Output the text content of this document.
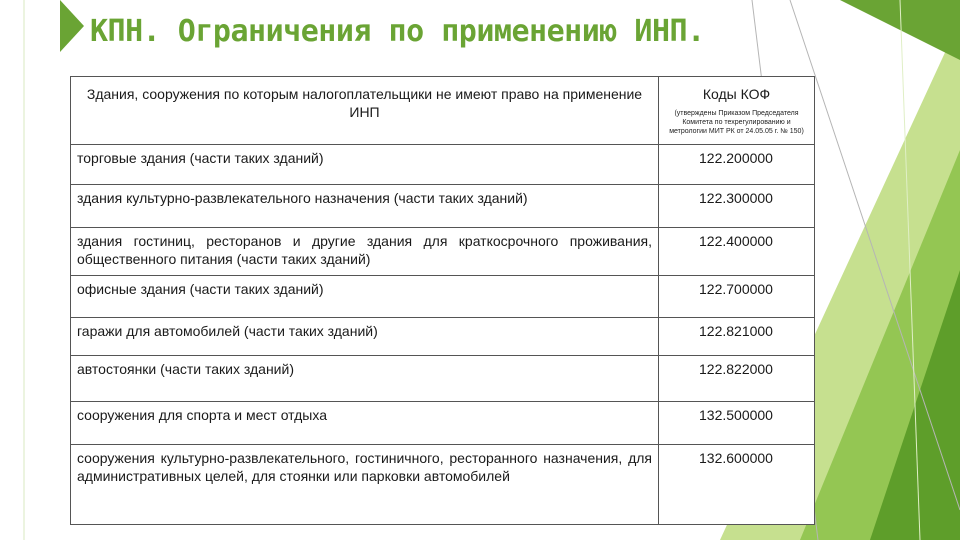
КПН. Ограничения по применению ИНП.
Здания, сооружения по которым налогоплательщики не имеют право на применение ИНП	Коды КОФ
(утверждены Приказом Председателя Комитета по техрегулированию и метрологии МИТ РК от 24.05.05 г. № 150)

торговые здания (части таких зданий)	122.200000
здания культурно-развлекательного назначения (части таких зданий)	122.300000
здания гостиниц, ресторанов и другие здания для краткосрочного проживания, общественного питания (части таких зданий)	122.400000
офисные здания (части таких зданий)	122.700000
гаражи для автомобилей (части таких зданий)	122.821000
автостоянки (части таких зданий)	122.822000
сооружения для спорта и мест отдыха	132.500000
сооружения культурно-развлекательного, гостиничного, ресторанного назначения, для административных целей, для стоянки или парковки автомобилей	132.600000
